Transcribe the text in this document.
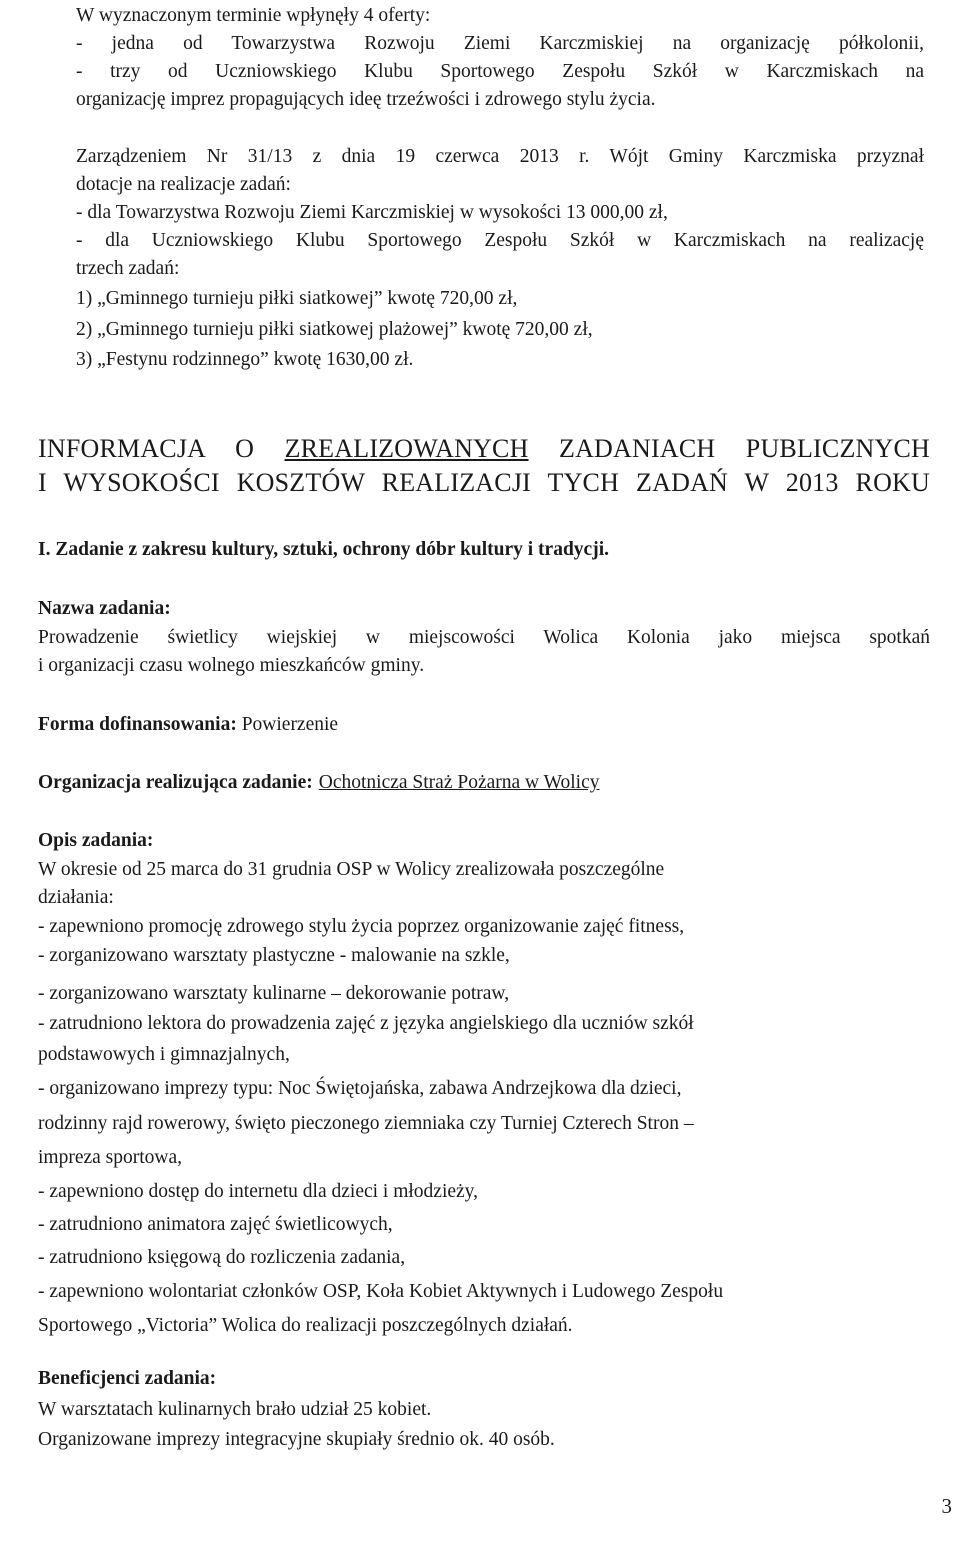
W wyznaczonym terminie wpłynęły 4 oferty:
- jedna od Towarzystwa Rozwoju Ziemi Karczmiskiej na organizację półkolonii,
- trzy od Uczniowskiego Klubu Sportowego Zespołu Szkół w Karczmiskach na
organizację imprez propagujących ideę trzeźwości i zdrowego stylu życia.
Zarządzeniem Nr 31/13 z dnia 19 czerwca 2013 r. Wójt Gminy Karczmiska przyznał
dotacje na realizacje zadań:
- dla Towarzystwa Rozwoju Ziemi Karczmiskiej w wysokości 13 000,00 zł,
- dla Uczniowskiego Klubu Sportowego Zespołu Szkół w Karczmiskach na realizację
trzech zadań:
1) „Gminnego turnieju piłki siatkowej” kwotę 720,00 zł,
2) „Gminnego turnieju piłki siatkowej plażowej” kwotę 720,00 zł,
3) „Festynu rodzinnego” kwotę 1630,00 zł.
INFORMACJA O ZREALIZOWANYCH ZADANIACH PUBLICZNYCH
I WYSOKOŚCI KOSZTÓW REALIZACJI TYCH ZADAŃ W 2013 ROKU
I. Zadanie z zakresu kultury, sztuki, ochrony dóbr kultury i tradycji.
Nazwa zadania:
Prowadzenie świetlicy wiejskiej w miejscowości Wolica Kolonia jako miejsca spotkań
i organizacji czasu wolnego mieszkańców gminy.
Forma dofinansowania: Powierzenie
Organizacja realizująca zadanie: Ochotnicza Straż Pożarna w Wolicy
Opis zadania:
W okresie od 25 marca do 31 grudnia OSP w Wolicy zrealizowała poszczególne
działania:
- zapewniono promocję zdrowego stylu życia poprzez organizowanie zajęć fitness,
- zorganizowano warsztaty plastyczne - malowanie na szkle,
- zorganizowano warsztaty kulinarne – dekorowanie potraw,
- zatrudniono lektora do prowadzenia zajęć z języka angielskiego dla uczniów szkół
podstawowych i gimnazjalnych,
- organizowano imprezy typu: Noc Świętojańska, zabawa Andrzejkowa dla dzieci,
rodzinny rajd rowerowy, święto pieczonego ziemniaka czy Turniej Czterech Stron –
impreza sportowa,
- zapewniono dostęp do internetu dla dzieci i młodzieży,
- zatrudniono animatora zajęć świetlicowych,
- zatrudniono księgową do rozliczenia zadania,
- zapewniono wolontariat członków OSP, Koła Kobiet Aktywnych i Ludowego Zespołu
Sportowego „Victoria” Wolica do realizacji poszczególnych działań.
Beneficjenci zadania:
W warsztatach kulinarnych brało udział 25 kobiet.
Organizowane imprezy integracyjne skupiały średnio ok. 40 osób.
3
